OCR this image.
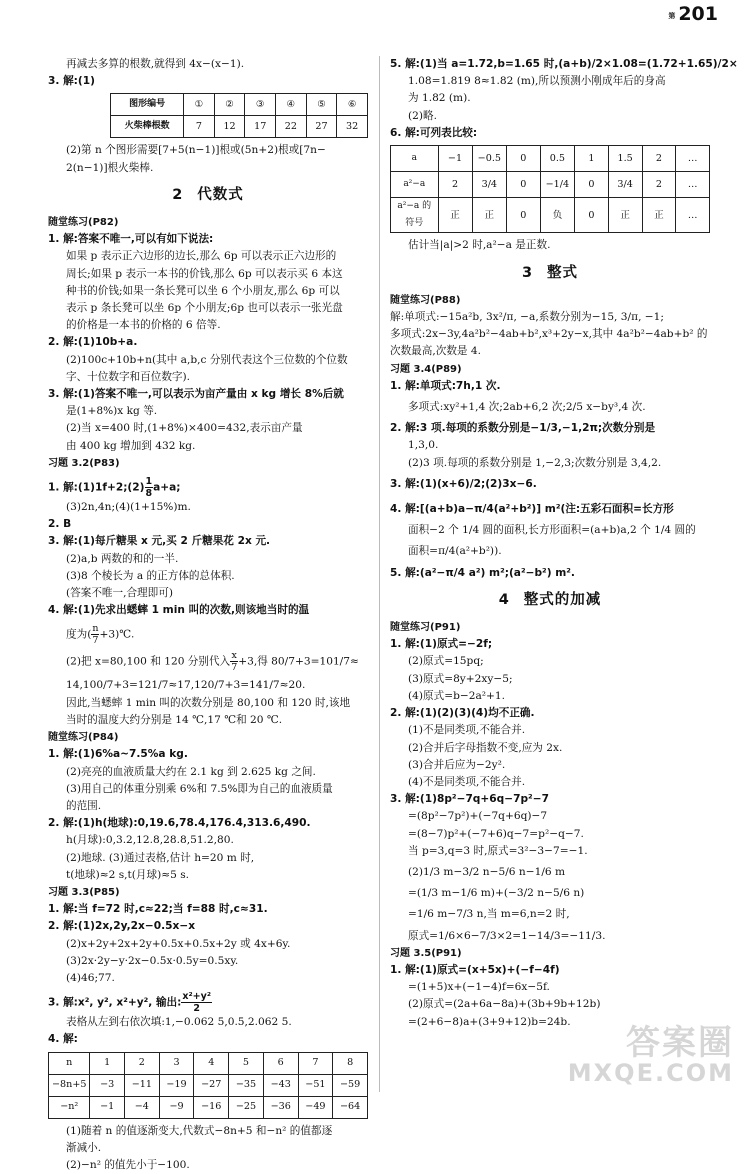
第 201
再减去多算的根数,就得到 4x−(x−1).
3. 解:(1)
图形编号	①	②	③	④	⑤	⑥
火柴棒根数	7	12	17	22	27	32
(2)第 n 个图形需要[7+5(n−1)]根或(5n+2)根或[7n−
2(n−1)]根火柴棒.
2 代数式
随堂练习(P82)
1. 解:答案不唯一,可以有如下说法:
如果 p 表示正六边形的边长,那么 6p 可以表示正六边形的
周长;如果 p 表示一本书的价钱,那么 6p 可以表示买 6 本这
种书的价钱;如果一条长凳可以坐 6 个小朋友,那么 6p 可以
表示 p 条长凳可以坐 6p 个小朋友;6p 也可以表示一张光盘
的价格是一本书的价格的 6 倍等.
2. 解:(1)10b+a.
(2)100c+10b+n(其中 a,b,c 分别代表这个三位数的个位数
字、十位数字和百位数字).
3. 解:(1)答案不唯一,可以表示为亩产量由 x kg 增长 8%后就
是(1+8%)x kg 等.
(2)当 x=400 时,(1+8%)×400=432,表示亩产量
由 400 kg 增加到 432 kg.
习题 3.2(P83)
1. 解:(1)1f+2;(2) $\frac{1}{8} a+a$;
(3)2n,4n;(4)(1+15%)m.
2. B
3. 解:(1)每斤糖果 x 元,买 2 斤糖果花 2x 元.
(2)a,b 两数的和的一半.
(3)8 个棱长为 a 的正方体的总体积.
(答案不唯一,合理即可)
4. 解:(1)先求出蟋蟀 1 min 叫的次数,则该地当时的温
度为( $\frac{n}{7}$ +3)℃.
(2)把 x=80,100 和 120 分别代入 $\frac{x}{7} +3$,得 80/7+3=101/7≈
14,100/7+3=121/7≈17,120/7+3=141/7≈20.
因此,当蟋蟀 1 min 叫的次数分别是 80,100 和 120 时,该地
当时的温度大约分别是 14 ℃,17 ℃和 20 ℃.
随堂练习(P84)
1. 解:(1)6%a~7.5%a kg.
(2)亮亮的血液质量大约在 2.1 kg 到 2.625 kg 之间.
(3)用自己的体重分别乘 6%和 7.5%即为自己的血液质量
的范围.
2. 解:(1)h(地球):0,19.6,78.4,176.4,313.6,490.
h(月球):0,3.2,12.8,28.8,51.2,80.
(2)地球. (3)通过表格,估计 h=20 m 时,
t(地球)≈2 s,t(月球)≈5 s.
习题 3.3(P85)
1. 解:当 f=72 时,c≈22;当 f=88 时,c≈31.
2. 解:(1)2x,2y,2x−0.5x−x
(2)x+2y+2x+2y+0.5x+0.5x+2y 或 4x+6y.
(3)2x·2y−y·2x−0.5x·0.5y=0.5xy.
(4)46;77.
3. 解:x², y², x²+y², 输出: $\frac{\text{x²+y²}}{2}$
表格从左到右依次填:1,−0.062 5,0.5,2.062 5.
4. 解:
n	1	2	3	4	5	6	7	8
−8n+5	−3	−11	−19	−27	−35	−43	−51	−59
−n²	−1	−4	−9	−16	−25	−36	−49	−64
(1)随着 n 的值逐渐变大,代数式−8n+5 和−n² 的值都逐
渐减小.
(2)−n² 的值先小于−100.
5. 解:(1)当 a=1.72,b=1.65 时,(a+b)/2×1.08=(1.72+1.65)/2×
1.08=1.819 8≈1.82 (m),所以预测小刚成年后的身高
为 1.82 (m).
(2)略.
6. 解:可列表比较:
a	−1	−0.5	0	0.5	1	1.5	2	…
a²−a	2	3/4	0	−1/4	0	3/4	2	…
a²−a 的符号	正	正	0	负	0	正	正	…
估计当|a|>2 时,a²−a 是正数.
3 整式
随堂练习(P88)
解:单项式:−15a²b, 3x²/π, −a,系数分别为−15, 3/π, −1;
多项式:2x−3y,4a²b²−4ab+b²,x³+2y−x,其中 4a²b²−4ab+b² 的
次数最高,次数是 4.
习题 3.4(P89)
1. 解:单项式:7h,1 次.
多项式:xy²+1,4 次;2ab+6,2 次;2/5 x−by³,4 次.
2. 解:3 项.每项的系数分别是−1/3,−1,2π;次数分别是
1,3,0.
(2)3 项.每项的系数分别是 1,−2,3;次数分别是 3,4,2.
3. 解:(1)(x+6)/2;(2)3x−6.
4. 解:[(a+b)a−π/4(a²+b²)] m²(注:五彩石面积=长方形
面积−2 个 1/4 圆的面积,长方形面积=(a+b)a,2 个 1/4 圆的
面积=π/4(a²+b²)).
5. 解:(a²−π/4 a²) m²;(a²−b²) m².
4 整式的加减
随堂练习(P91)
1. 解:(1)原式=−2f;
(2)原式=15pq;
(3)原式=8y+2xy−5;
(4)原式=b−2a²+1.
2. 解:(1)(2)(3)(4)均不正确.
(1)不是同类项,不能合并.
(2)合并后字母指数不变,应为 2x.
(3)合并后应为−2y².
(4)不是同类项,不能合并.
3. 解:(1)8p²−7q+6q−7p²−7
=(8p²−7p²)+(−7q+6q)−7
=(8−7)p²+(−7+6)q−7=p²−q−7.
当 p=3,q=3 时,原式=3²−3−7=−1.
(2)1/3 m−3/2 n−5/6 n−1/6 m
=(1/3 m−1/6 m)+(−3/2 n−5/6 n)
=1/6 m−7/3 n,当 m=6,n=2 时,
原式=1/6×6−7/3×2=1−14/3=−11/3.
习题 3.5(P91)
1. 解:(1)原式=(x+5x)+(−f−4f)
=(1+5)x+(−1−4)f=6x−5f.
(2)原式=(2a+6a−8a)+(3b+9b+12b)
=(2+6−8)a+(3+9+12)b=24b.
答案圈
MXQE.COM
